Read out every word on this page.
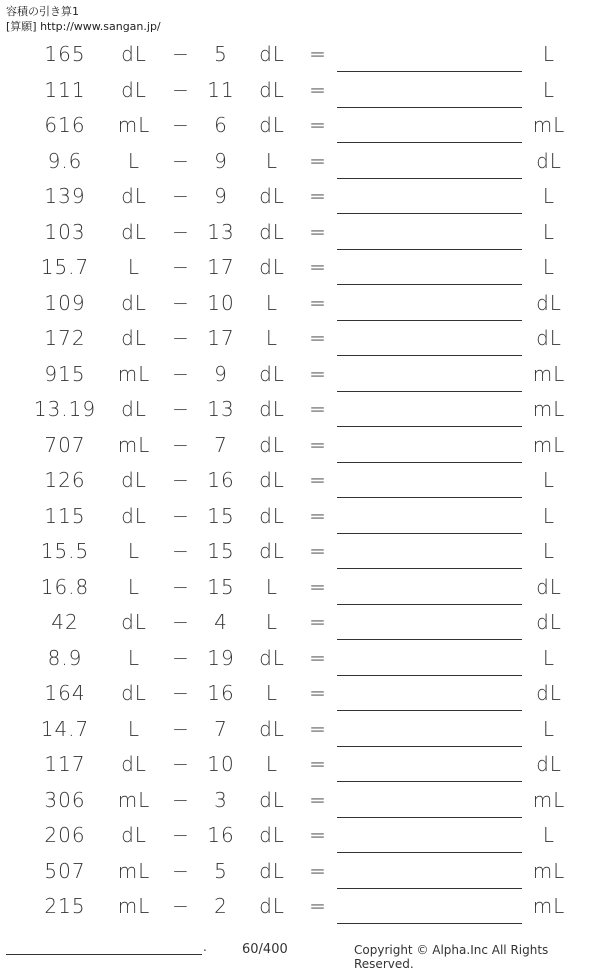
容積の引き算1
[算願] http://www.sangan.jp/
165	dL	−	5	dL	=	L
111	dL	− 11	dL	=	L
616	mL	−	6	dL	=	mL
9.6	L	−	9	L	=	dL
139	dL	−	9	dL	=	L
103	dL	− 13	dL	=	L
15.7	L	− 17	dL	=	L
109	dL	− 10	L	=	dL
172	dL	− 17	L	=	dL
915	mL	−	9	dL	=	mL
13.19	dL	− 13	dL	=	mL
707	mL	−	7	dL	=	mL
126	dL	− 16	dL	=	L
115	dL	− 15	dL	=	L
15.5	L	− 15	dL	=	L
16.8	L	− 15	L	=	dL
42	dL	−	4	L	=	dL
8.9	L	− 19	dL	=	L
164	dL	− 16	L	=	dL
14.7	L	−	7	dL	=	L
117	dL	− 10	L	=	dL
306	mL	−	3	dL	=	mL
206	dL	− 16	dL	=	L
507	mL	−	5	dL	=	mL
215	mL	−	2	dL	=	mL
.	60/400	Copyright © Alpha.Inc All Rights Reserved.
